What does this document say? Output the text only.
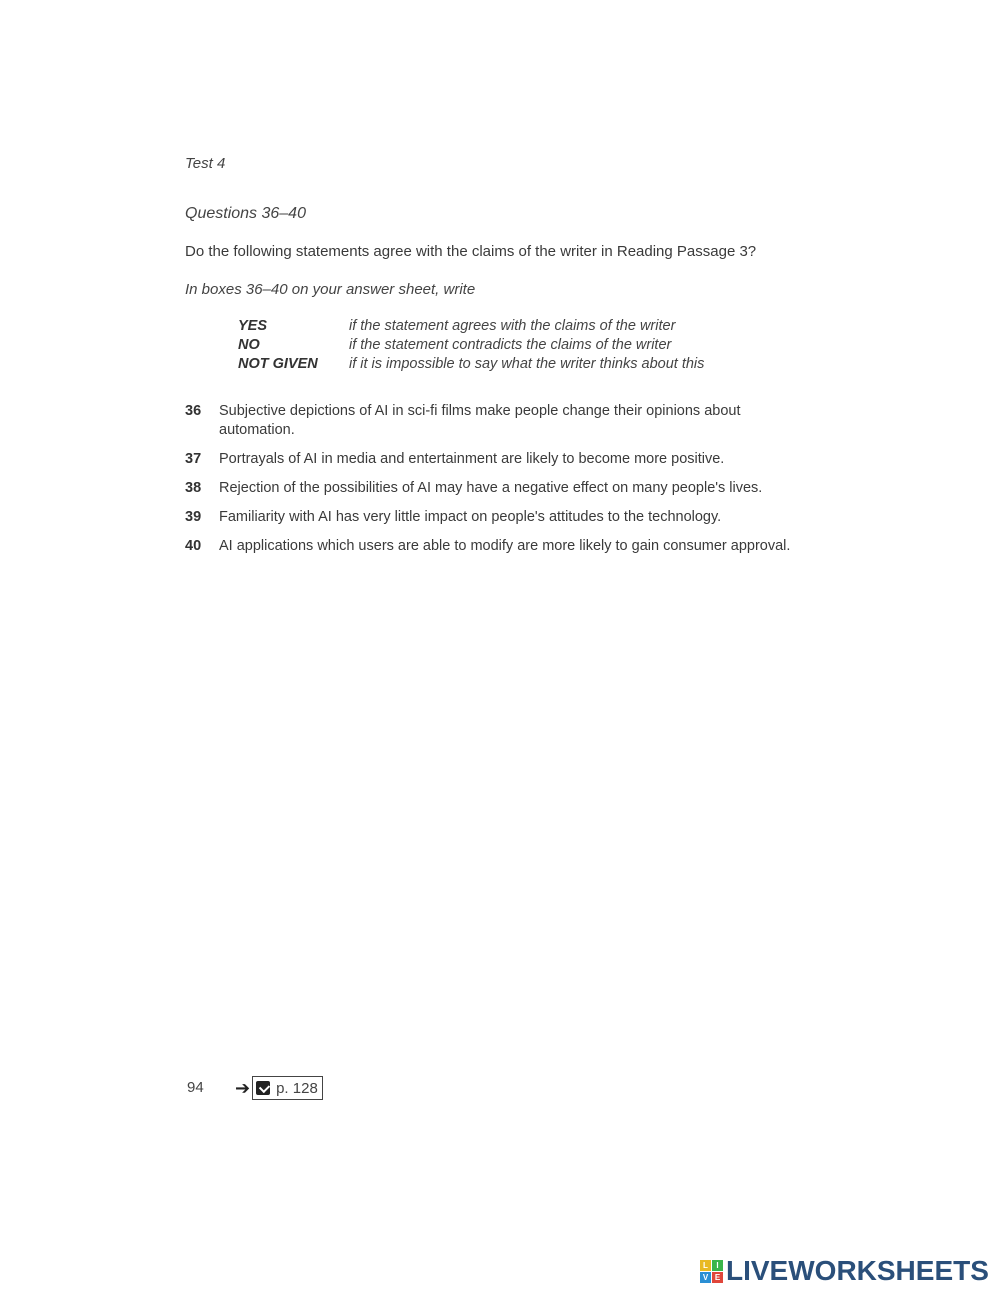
Test 4
Questions 36–40
Do the following statements agree with the claims of the writer in Reading Passage 3?
In boxes 36–40 on your answer sheet, write
YES	if the statement agrees with the claims of the writer
NO	if the statement contradicts the claims of the writer
NOT GIVEN	if it is impossible to say what the writer thinks about this
36	Subjective depictions of AI in sci-fi films make people change their opinions about automation.
37	Portrayals of AI in media and entertainment are likely to become more positive.
38	Rejection of the possibilities of AI may have a negative effect on many people's lives.
39	Familiarity with AI has very little impact on people's attitudes to the technology.
40	AI applications which users are able to modify are more likely to gain consumer approval.
94 ➔ p. 128
L	I
V E LIVEWORKSHEETS
